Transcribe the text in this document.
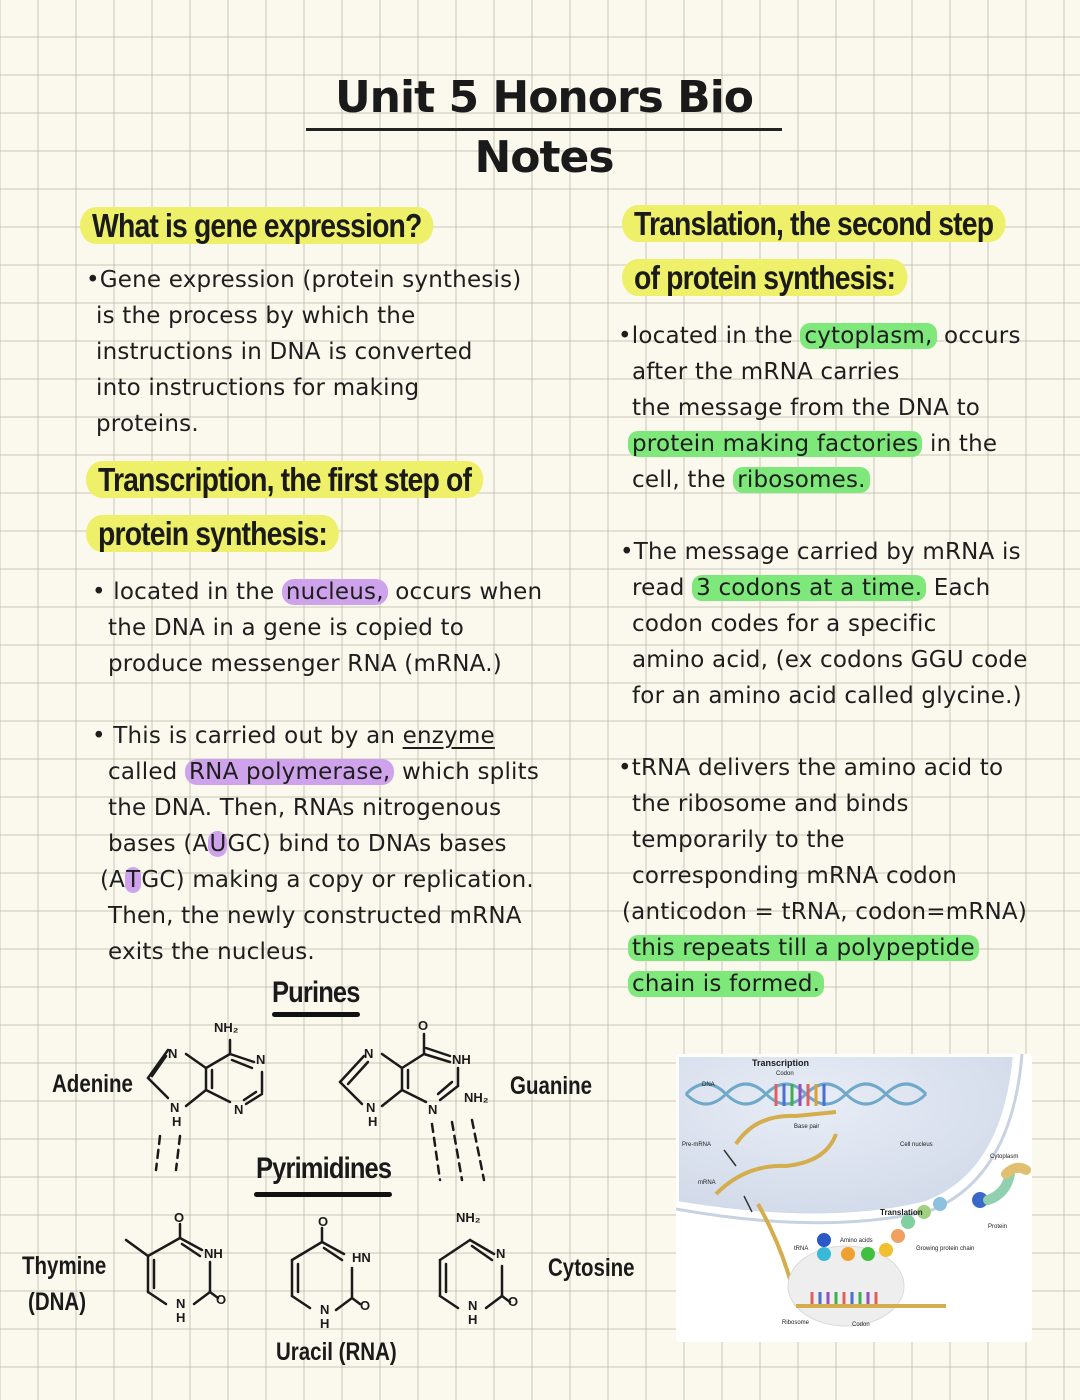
Unit 5 Honors Bio Notes
What is gene expression?
•Gene expression (protein synthesis)
is the process by which the
instructions in DNA is converted
into instructions for making
proteins.
Transcription, the first step of
protein synthesis:
• located in the nucleus, occurs when
the DNA in a gene is copied to
produce messenger RNA (mRNA.)
• This is carried out by an enzyme
called RNA polymerase, which splits
the DNA. Then, RNAs nitrogenous
bases (AUGC) bind to DNAs bases
(ATGC) making a copy or replication.
Then, the newly constructed mRNA
exits the nucleus.
Translation, the second step
of protein synthesis:
•located in the cytoplasm, occurs
after the mRNA carries
the message from the DNA to
protein making factories in the
cell, the ribosomes.
•The message carried by mRNA is
read 3 codons at a time. Each
codon codes for a specific
amino acid, (ex codons GGU code
for an amino acid called glycine.)
•tRNA delivers the amino acid to
the ribosome and binds
temporarily to the
corresponding mRNA codon
(anticodon = tRNA, codon=mRNA)
this repeats till a polypeptide
chain is formed.
Purines
Pyrimidines
Adenine	Guanine
Thymine
(DNA)
Cytosine
Uracil (RNA)
NH₂
N	N
N
H
N
O
N	NH
NH₂
N
H
N
O
NH
N
H
O
O
HN
N
H
O
NH₂
N
N
H
O
Transcription
Codon
DNA
Base pair
Pre-mRNA
mRNA
Cell nucleus
Cytoplasm
Translation
Protein
Amino acids
tRNA	Growing protein chain
Ribosome	Codon
